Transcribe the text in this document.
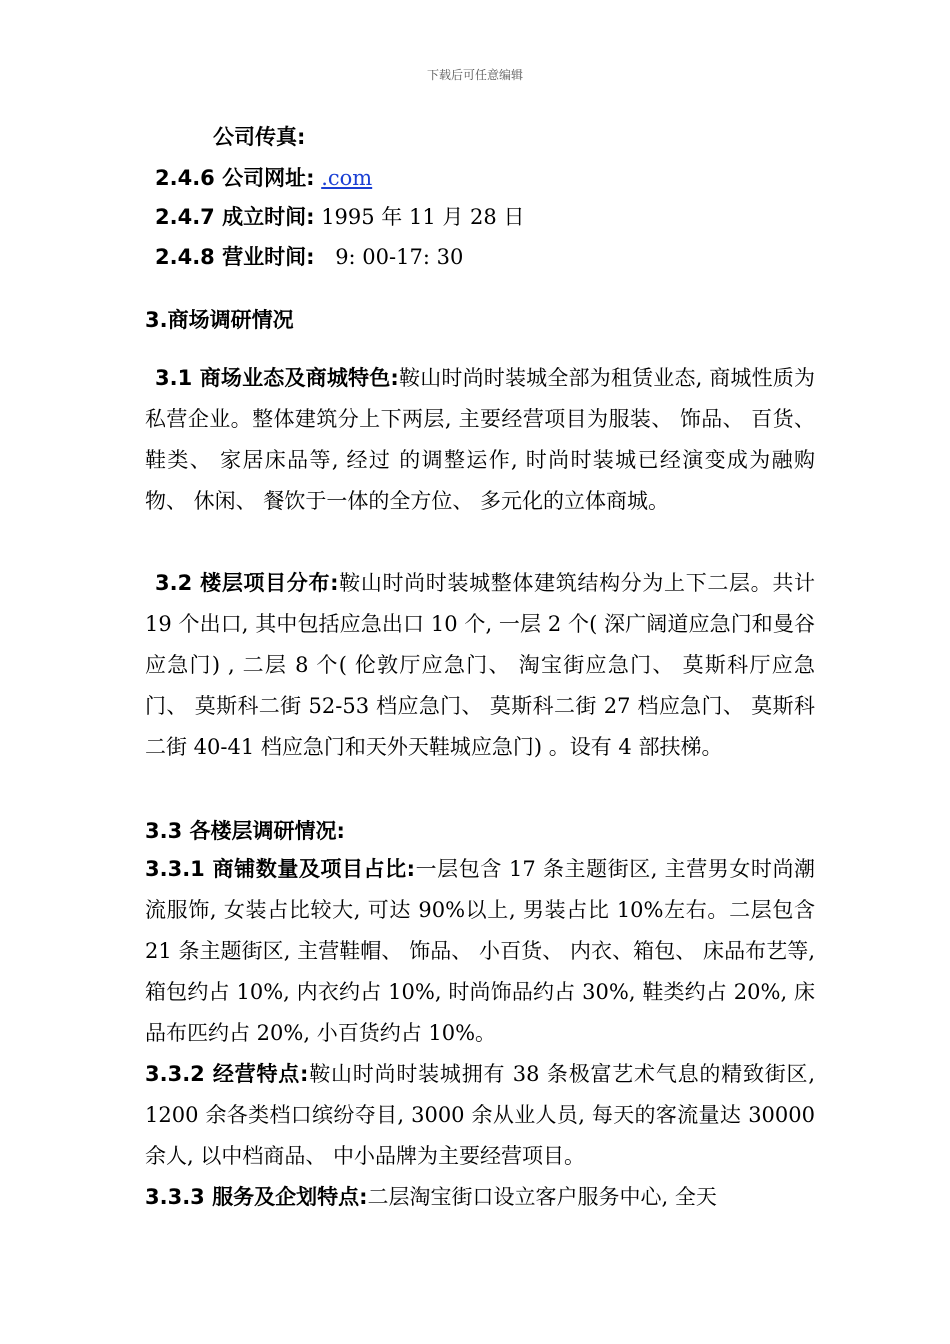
下载后可任意编辑
公司传真:
2.4.6 公司网址: .com
2.4.7 成立时间: 1995 年 11 月 28 日
2.4.8 营业时间: 9: 00-17: 30
3.商场调研情况
3.1 商场业态及商城特色:鞍山时尚时装城全部为租赁业态, 商城性质为私营企业。整体建筑分上下两层, 主要经营项目为服装、 饰品、 百货、 鞋类、 家居床品等, 经过 的调整运作, 时尚时装城已经演变成为融购物、 休闲、 餐饮于一体的全方位、 多元化的立体商城。
3.2 楼层项目分布:鞍山时尚时装城整体建筑结构分为上下二层。共计 19 个出口, 其中包括应急出口 10 个, 一层 2 个( 深广阔道应急门和曼谷应急门) , 二层 8 个( 伦敦厅应急门、 淘宝街应急门、 莫斯科厅应急门、 莫斯科二街 52-53 档应急门、 莫斯科二街 27 档应急门、 莫斯科二街 40-41 档应急门和天外天鞋城应急门) 。设有 4 部扶梯。
3.3 各楼层调研情况:
3.3.1 商铺数量及项目占比:一层包含 17 条主题街区, 主营男女时尚潮流服饰, 女装占比较大, 可达 90%以上, 男装占比 10%左右。二层包含 21 条主题街区, 主营鞋帽、 饰品、 小百货、 内衣、箱包、 床品布艺等, 箱包约占 10%, 内衣约占 10%, 时尚饰品约占 30%, 鞋类约占 20%, 床品布匹约占 20%, 小百货约占 10%。
3.3.2 经营特点:鞍山时尚时装城拥有 38 条极富艺术气息的精致街区, 1200 余各类档口缤纷夺目, 3000 余从业人员, 每天的客流量达 30000 余人, 以中档商品、 中小品牌为主要经营项目。
3.3.3 服务及企划特点:二层淘宝街口设立客户服务中心, 全天
